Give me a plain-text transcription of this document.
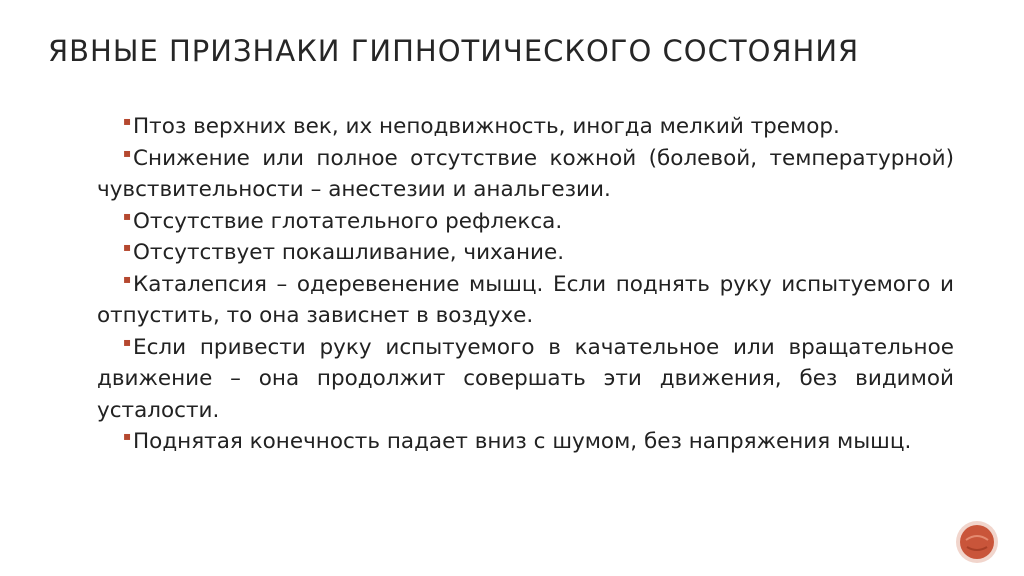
ЯВНЫЕ ПРИЗНАКИ ГИПНОТИЧЕСКОГО СОСТОЯНИЯ

▪Птоз верхних век, их неподвижность, иногда мелкий тремор.

▪Снижение или полное отсутствие кожной (болевой, температурной) чувствительности – анестезии и анальгезии.

▪Отсутствие глотательного рефлекса.

▪Отсутствует покашливание, чихание.

▪Каталепсия – одеревенение мышц. Если поднять руку испытуемого и отпустить, то она зависнет в воздухе.

▪Если привести руку испытуемого в качательное или вращательное движение – она продолжит совершать эти движения, без видимой усталости.

▪Поднятая конечность падает вниз с шумом, без напряжения мышц.
